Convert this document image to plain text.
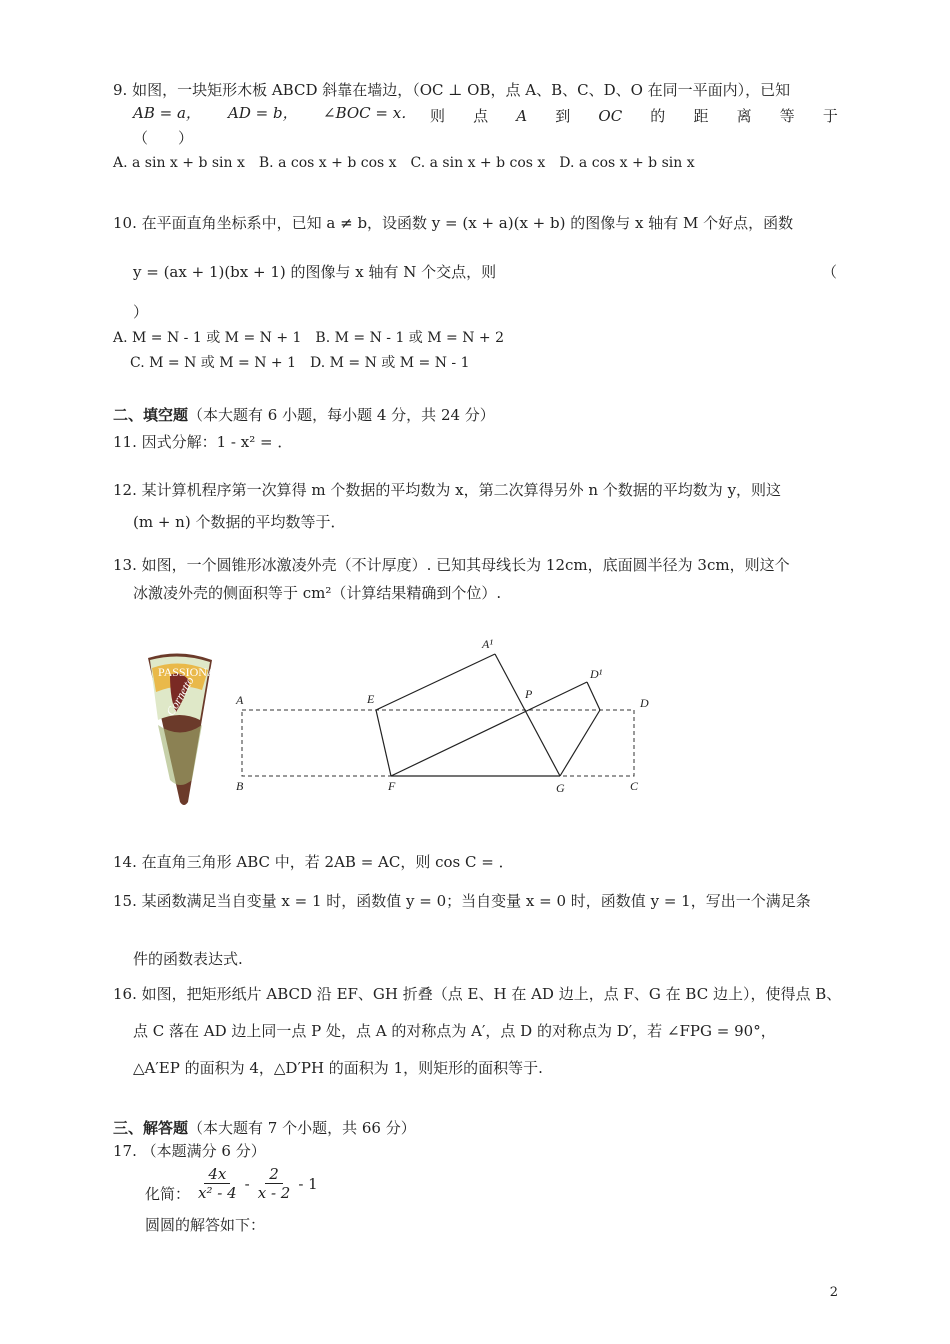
9. 如图，一块矩形木板 ABCD 斜靠在墙边，（OC ⊥ OB，点 A、B、C、D、O 在同一平面内），已知
AB = a， AD = b， ∠BOC = x． 则 点 A 到 OC 的 距 离 等 于
（　　）
A. a sin x + b sin x　B. a cos x + b cos x　C. a sin x + b cos x　D. a cos x + b sin x
10. 在平面直角坐标系中，已知 a ≠ b，设函数 y = (x + a)(x + b) 的图像与 x 轴有 M 个好点，函数
y = (ax + 1)(bx + 1) 的图像与 x 轴有 N 个交点，则	（
）
A. M = N - 1 或 M = N + 1　B. M = N - 1 或 M = N + 2
C. M = N 或 M = N + 1　D. M = N 或 M = N - 1
二、填空题（本大题有 6 小题，每小题 4 分，共 24 分）
11. 因式分解：1 - x² = ．
12. 某计算机程序第一次算得 m 个数据的平均数为 x，第二次算得另外 n 个数据的平均数为 y，则这
(m + n) 个数据的平均数等于．
13. 如图，一个圆锥形冰激凌外壳（不计厚度）. 已知其母线长为 12cm，底面圆半径为 3cm，则这个
冰激凌外壳的侧面积等于 cm²（计算结果精确到个位）.
PASSIONATE
Cornetto	A
B	C
D
E
F	G
P
A¹
D¹
14. 在直角三角形 ABC 中，若 2AB = AC，则 cos C = ．
15. 某函数满足当自变量 x = 1 时，函数值 y = 0；当自变量 x = 0 时，函数值 y = 1，写出一个满足条
件的函数表达式.
16. 如图，把矩形纸片 ABCD 沿 EF、GH 折叠（点 E、H 在 AD 边上，点 F、G 在 BC 边上），使得点 B、
点 C 落在 AD 边上同一点 P 处，点 A 的对称点为 A′，点 D 的对称点为 D′，若 ∠FPG = 90°，
△A′EP 的面积为 4，△D′PH 的面积为 1，则矩形的面积等于.
三、解答题（本大题有 7 个小题，共 66 分）
17. （本题满分 6 分）
化简： $\frac{4x}{\text{x² - 4}} - \frac{2}{x - 2} - 1$
圆圆的解答如下：
2
